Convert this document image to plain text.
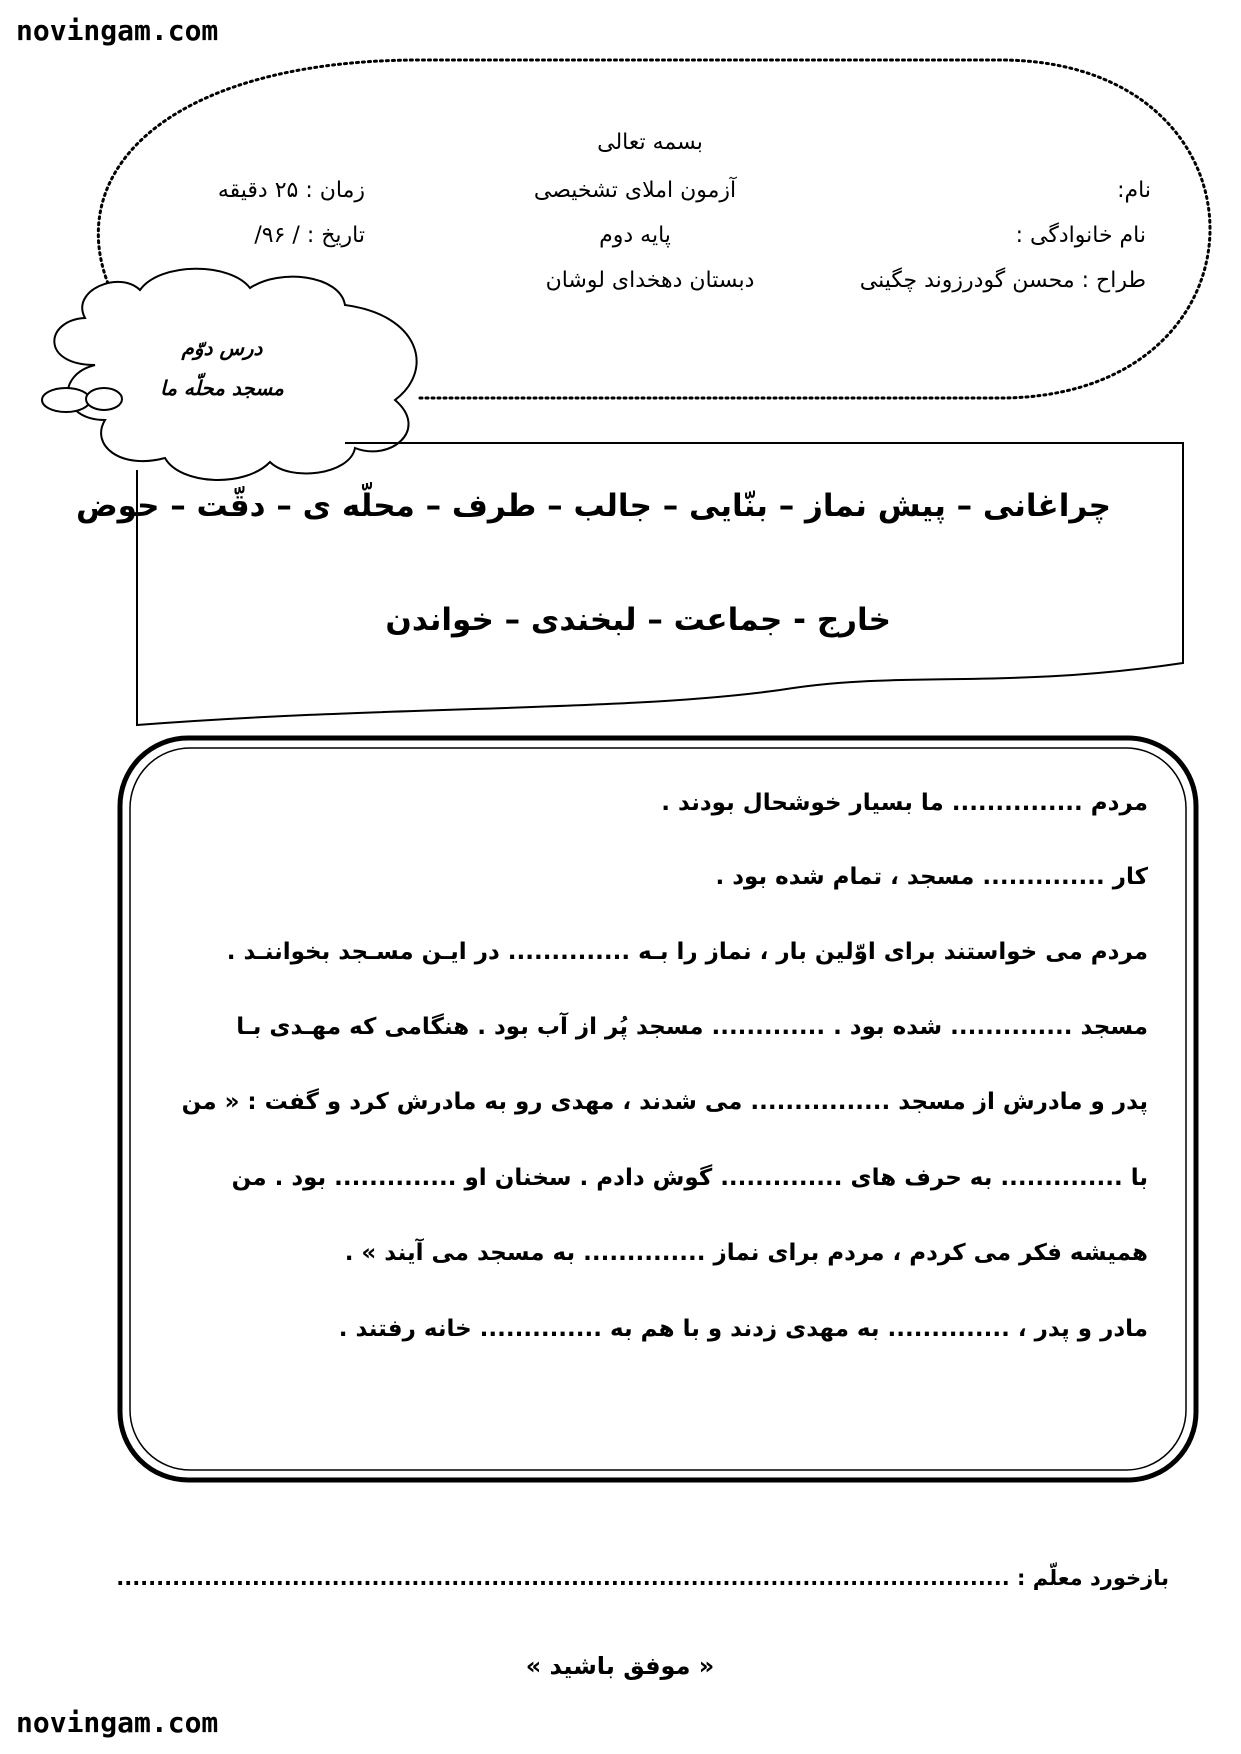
novingam.com
novingam.com
بسمه تعالی
نام:
آزمون املای تشخیصی
زمان : ۲۵ دقیقه
نام خانوادگی :
پایه دوم
تاریخ : / ۹۶/
طراح : محسن گودرزوند چگینی
دبستان دهخدای لوشان
درس دوّم
مسجد محلّه ما
چراغانی – پیش نماز – بنّایی – جالب – طرف – محلّه ی – دقّت – حوض
خارج - جماعت – لبخندی – خواندن
مردم ............... ما بسیار خوشحال بودند .
کار .............. مسجد ، تمام شده بود .
مردم می خواستند برای اوّلین بار ، نماز را بـه .............. در ایـن مسـجد بخواننـد .
مسجد .............. شده بود . ............. مسجد پُر از آب بود . هنگامی که مهـدی بـا
پدر و مادرش از مسجد ................ می شدند ، مهدی رو به مادرش کرد و گفت : « من
با .............. به حرف های .............. گوش دادم . سخنان او .............. بود . من
همیشه فکر می کردم ، مردم برای نماز .............. به مسجد می آیند » .
مادر و پدر ، .............. به مهدی زدند و با هم به .............. خانه رفتند .
بازخورد معلّم : ................................................................................................................
« موفق باشید »
